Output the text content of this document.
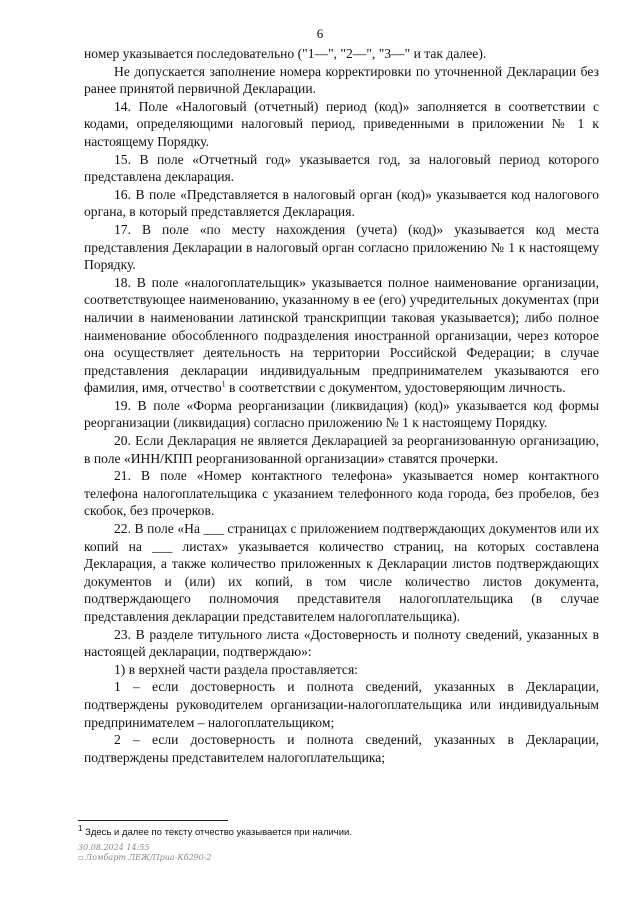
6

номер указывается последовательно ("1—", "2—", "3—" и так далее).

Не допускается заполнение номера корректировки по уточненной Декларации без ранее принятой первичной Декларации.

14. Поле «Налоговый (отчетный) период (код)» заполняется в соответствии с кодами, определяющими налоговый период, приведенными в приложении № 1 к настоящему Порядку.

15. В поле «Отчетный год» указывается год, за налоговый период которого представлена декларация.

16. В поле «Представляется в налоговый орган (код)» указывается код налогового органа, в который представляется Декларация.

17. В поле «по месту нахождения (учета) (код)» указывается код места представления Декларации в налоговый орган согласно приложению № 1 к настоящему Порядку.

18. В поле «налогоплательщик» указывается полное наименование организации, соответствующее наименованию, указанному в ее (его) учредительных документах (при наличии в наименовании латинской транскрипции таковая указывается); либо полное наименование обособленного подразделения иностранной организации, через которое она осуществляет деятельность на территории Российской Федерации; в случае представления декларации индивидуальным предпринимателем указываются его фамилия, имя, отчество$^1$ в соответствии с документом, удостоверяющим личность.

19. В поле «Форма реорганизации (ликвидация) (код)» указывается код формы реорганизации (ликвидация) согласно приложению № 1 к настоящему Порядку.

20. Если Декларация не является Декларацией за реорганизованную организацию, в поле «ИНН/КПП реорганизованной организации» ставятся прочерки.

21. В поле «Номер контактного телефона» указывается номер контактного телефона налогоплательщика с указанием телефонного кода города, без пробелов, без скобок, без прочерков.

22. В поле «На ___ страницах с приложением подтверждающих документов или их копий на ___ листах» указывается количество страниц, на которых составлена Декларация, а также количество приложенных к Декларации листов подтверждающих документов и (или) их копий, в том числе количество листов документа, подтверждающего полномочия представителя налогоплательщика (в случае представления декларации представителем налогоплательщика).

23. В разделе титульного листа «Достоверность и полноту сведений, указанных в настоящей декларации, подтверждаю»:

1) в верхней части раздела проставляется:

1 – если достоверность и полнота сведений, указанных в Декларации, подтверждены руководителем организации-налогоплательщика или индивидуальным предпринимателем – налогоплательщиком;

2 – если достоверность и полнота сведений, указанных в Декларации, подтверждены представителем налогоплательщика;

$^1$ Здесь и далее по тексту отчество указывается при наличии.
30.08.2024 14:55
▫ Ломбарт ЛЕЖ/Приа-Кб290-2
